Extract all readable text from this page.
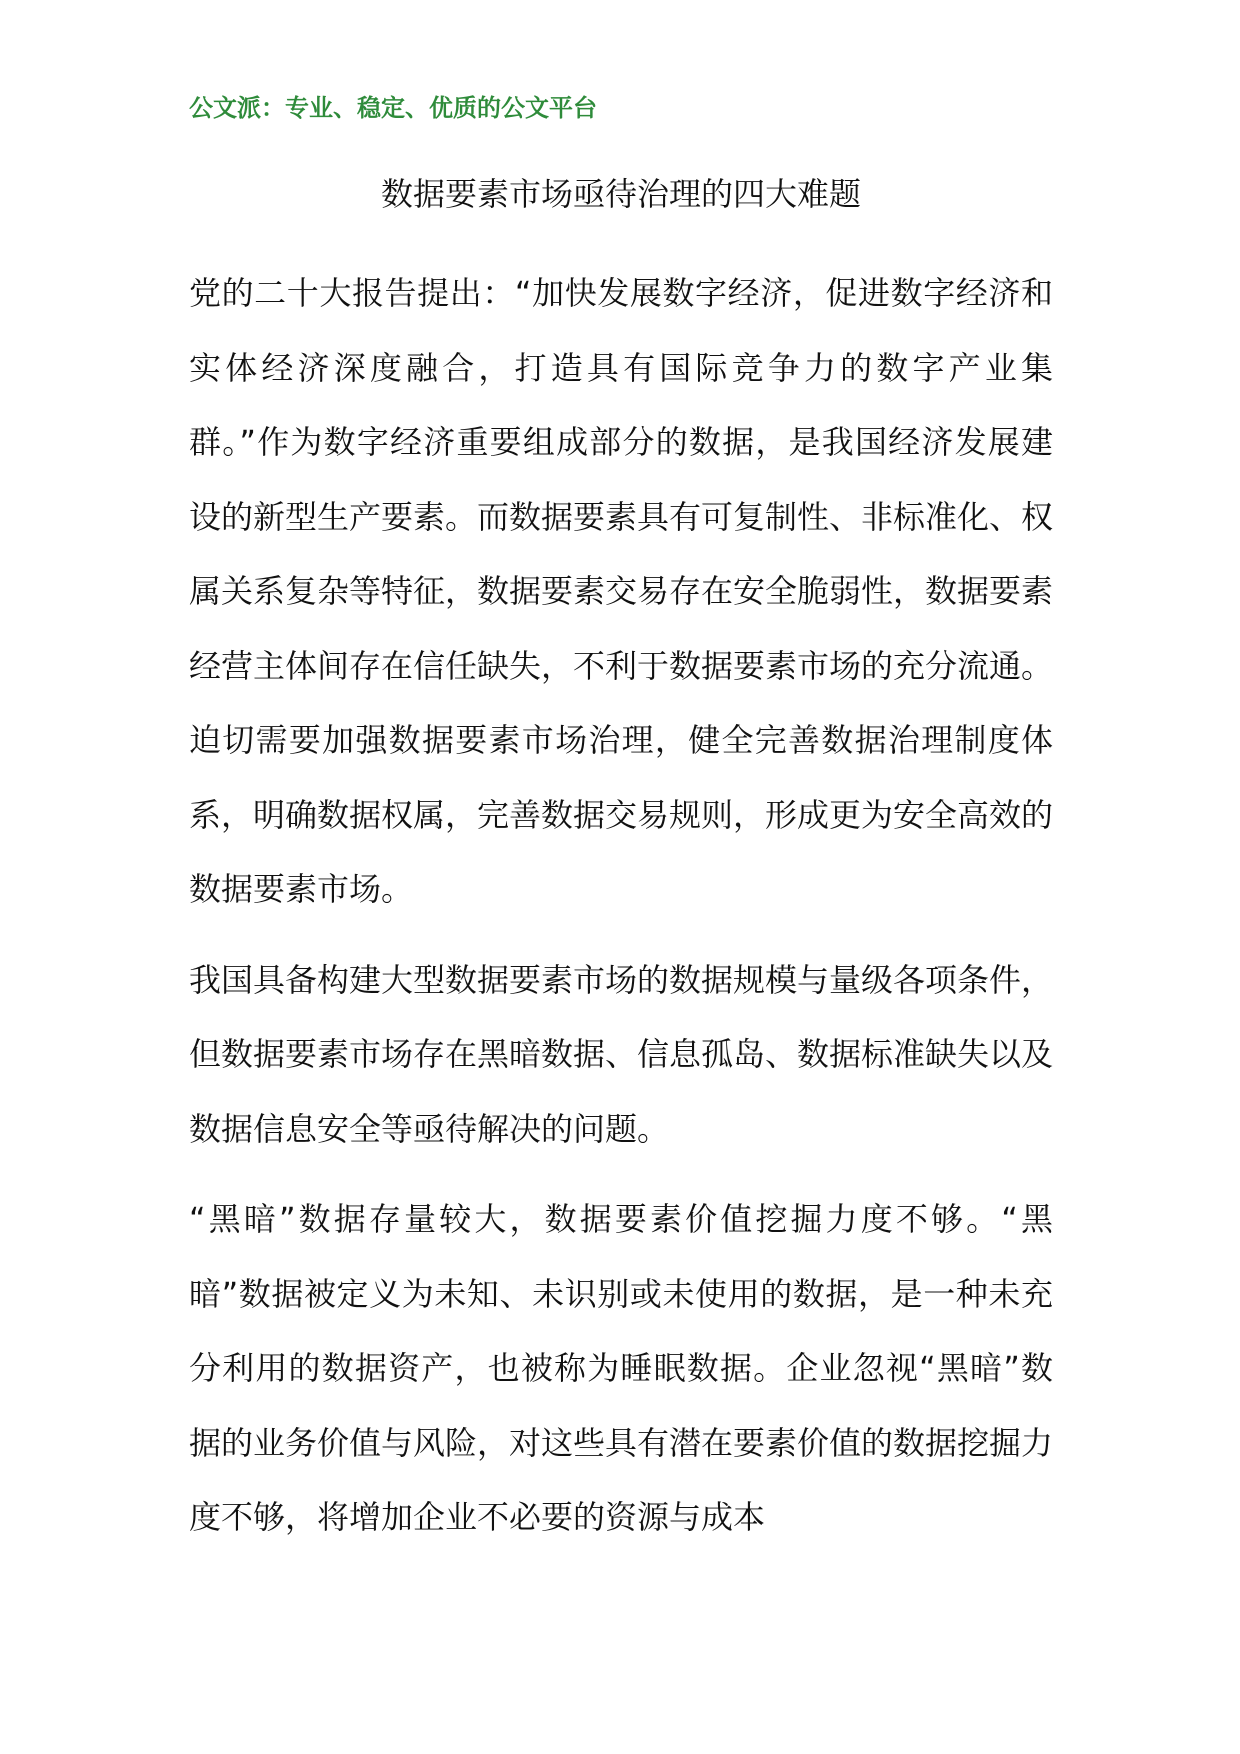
公文派：专业、稳定、优质的公文平台
数据要素市场亟待治理的四大难题

党的二十大报告提出：“加快发展数字经济，促进数字经济和实体经济深度融合，打造具有国际竞争力的数字产业集群。”作为数字经济重要组成部分的数据，是我国经济发展建设的新型生产要素。而数据要素具有可复制性、非标准化、权属关系复杂等特征，数据要素交易存在安全脆弱性，数据要素经营主体间存在信任缺失，不利于数据要素市场的充分流通。迫切需要加强数据要素市场治理，健全完善数据治理制度体系，明确数据权属，完善数据交易规则，形成更为安全高效的数据要素市场。

我国具备构建大型数据要素市场的数据规模与量级各项条件，但数据要素市场存在黑暗数据、信息孤岛、数据标准缺失以及数据信息安全等亟待解决的问题。

“黑暗”数据存量较大，数据要素价值挖掘力度不够。“黑暗”数据被定义为未知、未识别或未使用的数据，是一种未充分利用的数据资产，也被称为睡眠数据。企业忽视“黑暗”数据的业务价值与风险，对这些具有潜在要素价值的数据挖掘力度不够，将增加企业不必要的资源与成本
